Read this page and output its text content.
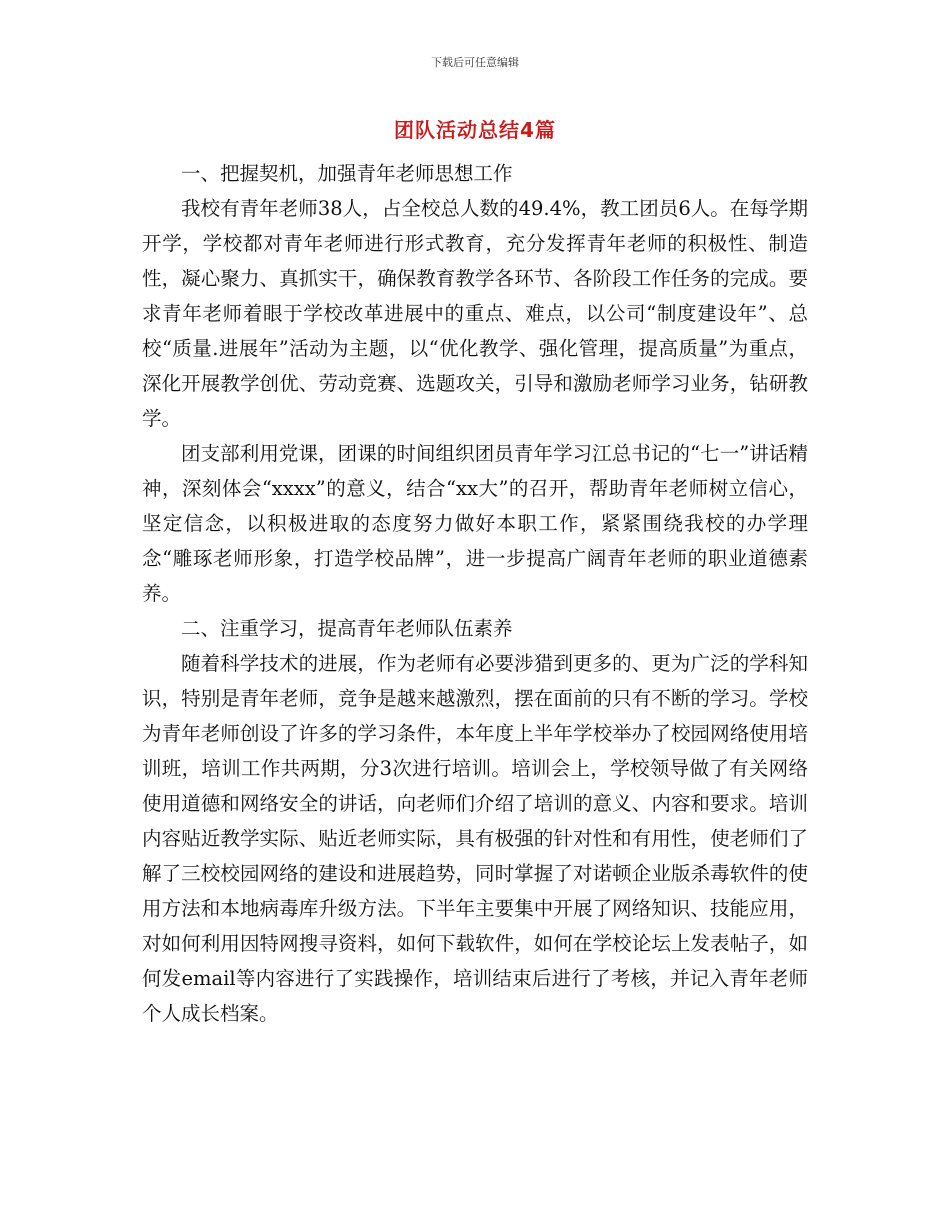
下载后可任意编辑
团队活动总结4篇

一、把握契机，加强青年老师思想工作

我校有青年老师38人，占全校总人数的49.4%，教工团员6人。在每学期开学，学校都对青年老师进行形式教育，充分发挥青年老师的积极性、制造性，凝心聚力、真抓实干，确保教育教学各环节、各阶段工作任务的完成。要求青年老师着眼于学校改革进展中的重点、难点，以公司“制度建设年”、总校“质量.进展年”活动为主题，以“优化教学、强化管理，提高质量”为重点，深化开展教学创优、劳动竞赛、选题攻关，引导和激励老师学习业务，钻研教学。

团支部利用党课，团课的时间组织团员青年学习江总书记的“七一”讲话精神，深刻体会“xxxx”的意义，结合“xx大”的召开，帮助青年老师树立信心，坚定信念，以积极进取的态度努力做好本职工作，紧紧围绕我校的办学理念“雕琢老师形象，打造学校品牌”，进一步提高广阔青年老师的职业道德素养。

二、注重学习，提高青年老师队伍素养

随着科学技术的进展，作为老师有必要涉猎到更多的、更为广泛的学科知识，特别是青年老师，竞争是越来越激烈，摆在面前的只有不断的学习。学校为青年老师创设了许多的学习条件，本年度上半年学校举办了校园网络使用培训班，培训工作共两期，分3次进行培训。培训会上，学校领导做了有关网络使用道德和网络安全的讲话，向老师们介绍了培训的意义、内容和要求。培训内容贴近教学实际、贴近老师实际，具有极强的针对性和有用性，使老师们了解了三校校园网络的建设和进展趋势，同时掌握了对诺顿企业版杀毒软件的使用方法和本地病毒库升级方法。下半年主要集中开展了网络知识、技能应用，对如何利用因特网搜寻资料，如何下载软件，如何在学校论坛上发表帖子，如何发email等内容进行了实践操作，培训结束后进行了考核，并记入青年老师个人成长档案。
